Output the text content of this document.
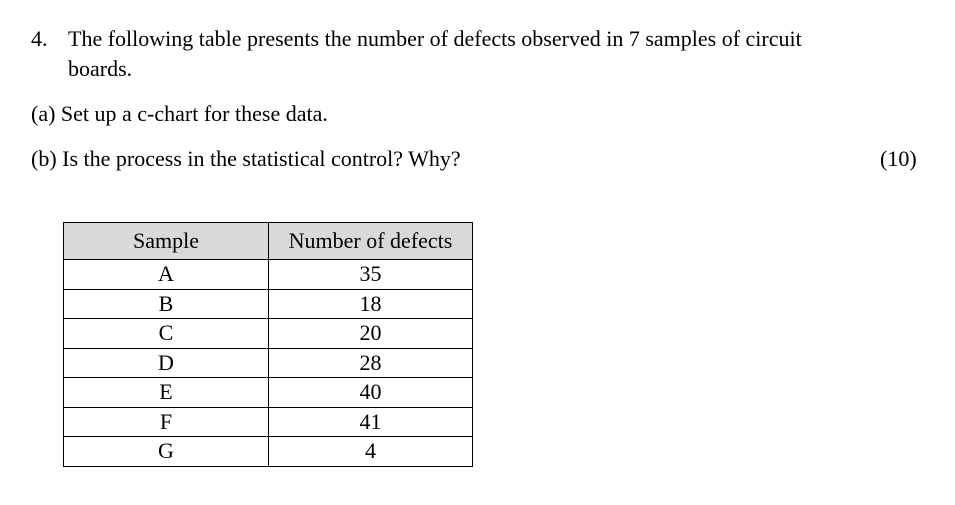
4. The following table presents the number of defects observed in 7 samples of circuit
boards.
(a) Set up a c-chart for these data.
(b) Is the process in the statistical control? Why?	(10)
Sample	Number of defects
A	35
B	18
C	20
D	28
E	40
F	41
G	4
